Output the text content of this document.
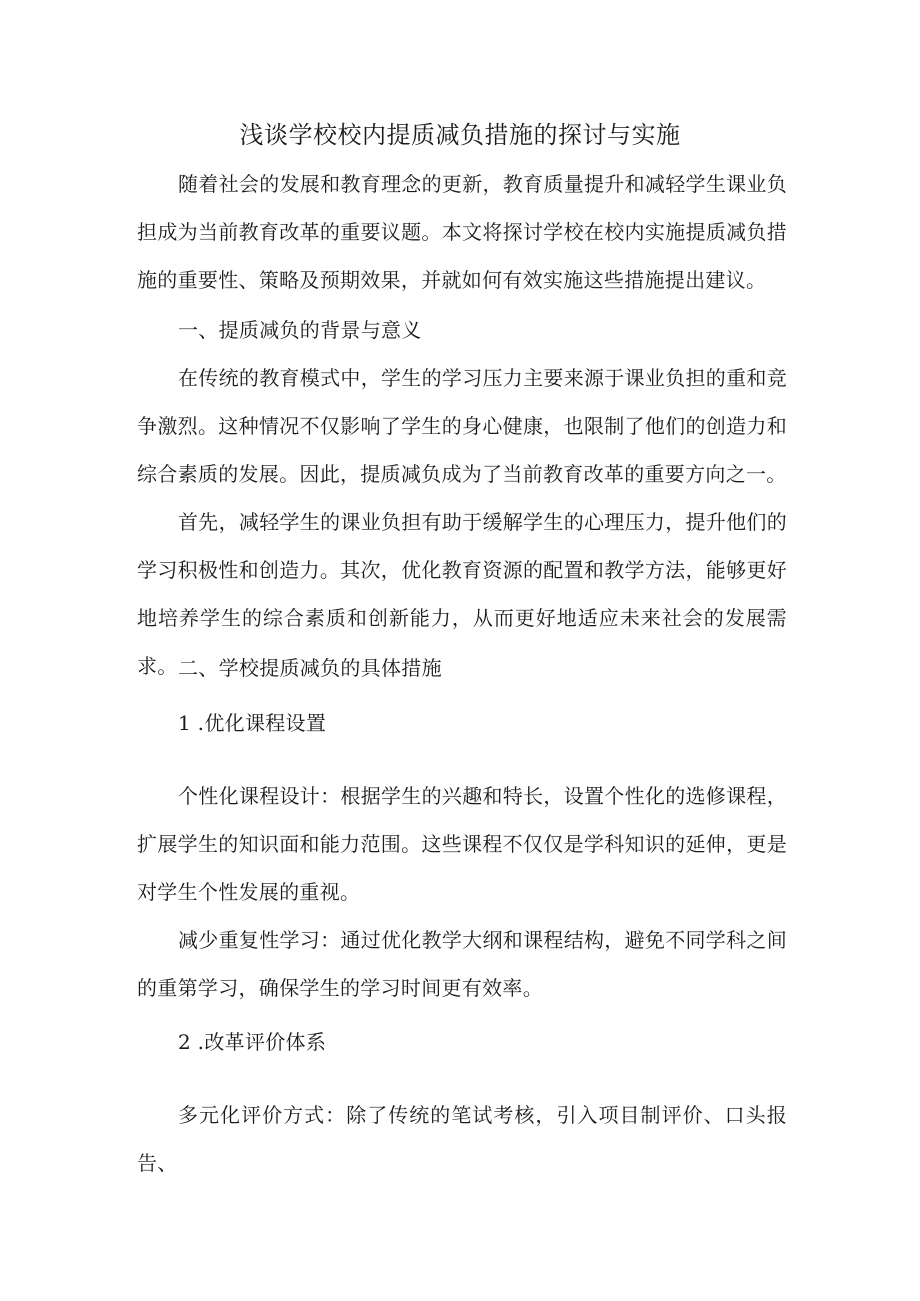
浅谈学校校内提质减负措施的探讨与实施

随着社会的发展和教育理念的更新，教育质量提升和减轻学生课业负担成为当前教育改革的重要议题。本文将探讨学校在校内实施提质减负措施的重要性、策略及预期效果，并就如何有效实施这些措施提出建议。

一、提质减负的背景与意义

在传统的教育模式中，学生的学习压力主要来源于课业负担的重和竞争激烈。这种情况不仅影响了学生的身心健康，也限制了他们的创造力和综合素质的发展。因此，提质减负成为了当前教育改革的重要方向之一。

首先，减轻学生的课业负担有助于缓解学生的心理压力，提升他们的学习积极性和创造力。其次，优化教育资源的配置和教学方法，能够更好地培养学生的综合素质和创新能力，从而更好地适应未来社会的发展需求。 二、学校提质减负的具体措施

1 .优化课程设置

个性化课程设计：根据学生的兴趣和特长，设置个性化的选修课程，扩展学生的知识面和能力范围。这些课程不仅仅是学科知识的延伸，更是对学生个性发展的重视。

减少重复性学习：通过优化教学大纲和课程结构，避免不同学科之间的重第学习，确保学生的学习时间更有效率。

2 .改革评价体系

多元化评价方式：除了传统的笔试考核，引入项目制评价、口头报告、
